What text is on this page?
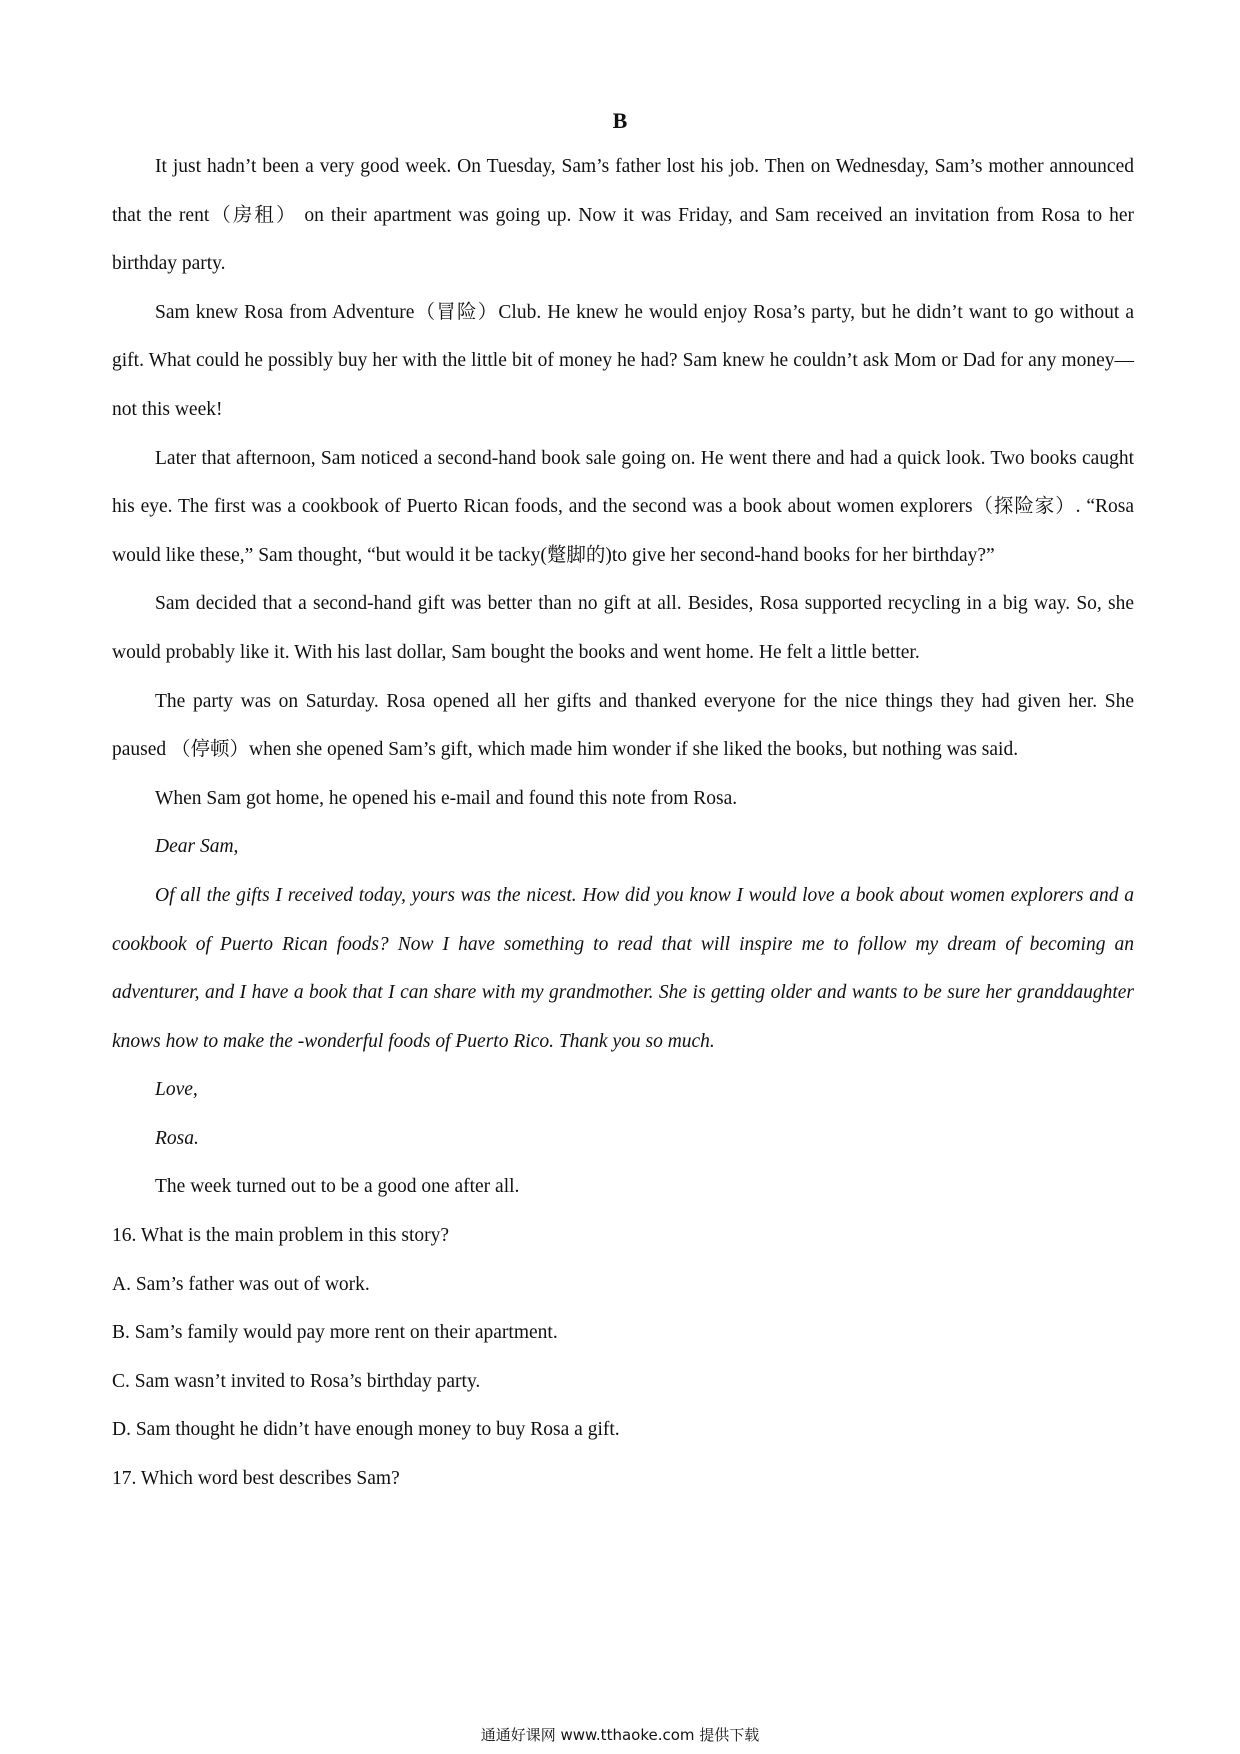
B

It just hadn’t been a very good week. On Tuesday, Sam’s father lost his job. Then on Wednesday, Sam’s mother announced that the rent（房租） on their apartment was going up. Now it was Friday, and Sam received an invitation from Rosa to her birthday party.

Sam knew Rosa from Adventure（冒险）Club. He knew he would enjoy Rosa’s party, but he didn’t want to go without a gift. What could he possibly buy her with the little bit of money he had? Sam knew he couldn’t ask Mom or Dad for any money—not this week!

Later that afternoon, Sam noticed a second-hand book sale going on. He went there and had a quick look. Two books caught his eye. The first was a cookbook of Puerto Rican foods, and the second was a book about women explorers（探险家）. “Rosa would like these,” Sam thought, “but would it be tacky(蹩脚的)to give her second-hand books for her birthday?”

Sam decided that a second-hand gift was better than no gift at all. Besides, Rosa supported recycling in a big way. So, she would probably like it. With his last dollar, Sam bought the books and went home. He felt a little better.

The party was on Saturday. Rosa opened all her gifts and thanked everyone for the nice things they had given her. She paused （停顿）when she opened Sam’s gift, which made him wonder if she liked the books, but nothing was said.

When Sam got home, he opened his e-mail and found this note from Rosa.

Dear Sam,

Of all the gifts I received today, yours was the nicest. How did you know I would love a book about women explorers and a cookbook of Puerto Rican foods? Now I have something to read that will inspire me to follow my dream of becoming an adventurer, and I have a book that I can share with my grandmother. She is getting older and wants to be sure her granddaughter knows how to make the -wonderful foods of Puerto Rico. Thank you so much.

Love,

Rosa.

The week turned out to be a good one after all.

16. What is the main problem in this story?

A. Sam’s father was out of work.

B. Sam’s family would pay more rent on their apartment.

C. Sam wasn’t invited to Rosa’s birthday party.

D. Sam thought he didn’t have enough money to buy Rosa a gift.

17. Which word best describes Sam?

通通好课网 www.tthaoke.com 提供下载
